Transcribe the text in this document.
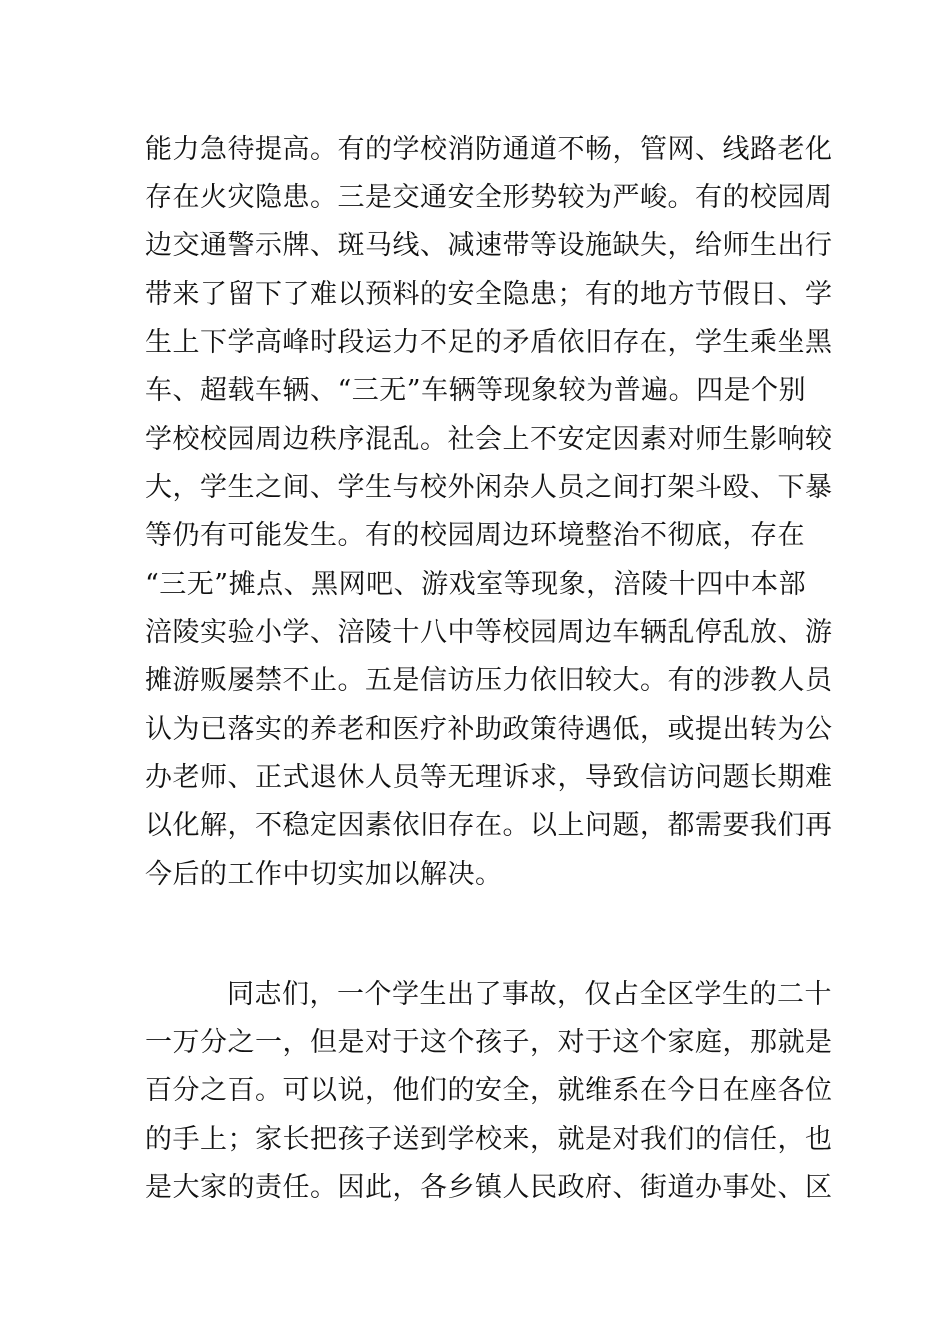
能力急待提高。有的学校消防通道不畅，管网、线路老化
存在火灾隐患。三是交通安全形势较为严峻。有的校园周
边交通警示牌、斑马线、减速带等设施缺失，给师生出行
带来了留下了难以预料的安全隐患；有的地方节假日、学
生上下学高峰时段运力不足的矛盾依旧存在，学生乘坐黑
车、超载车辆、“三无”车辆等现象较为普遍。四是个别
学校校园周边秩序混乱。社会上不安定因素对师生影响较
大，学生之间、学生与校外闲杂人员之间打架斗殴、下暴
等仍有可能发生。有的校园周边环境整治不彻底，存在
“三无”摊点、黑网吧、游戏室等现象，涪陵十四中本部
涪陵实验小学、涪陵十八中等校园周边车辆乱停乱放、游
摊游贩屡禁不止。五是信访压力依旧较大。有的涉教人员
认为已落实的养老和医疗补助政策待遇低，或提出转为公
办老师、正式退休人员等无理诉求，导致信访问题长期难
以化解，不稳定因素依旧存在。以上问题，都需要我们再
今后的工作中切实加以解决。
同志们，一个学生出了事故，仅占全区学生的二十
一万分之一，但是对于这个孩子，对于这个家庭，那就是
百分之百。可以说，他们的安全，就维系在今日在座各位
的手上；家长把孩子送到学校来，就是对我们的信任，也
是大家的责任。因此，各乡镇人民政府、街道办事处、区
